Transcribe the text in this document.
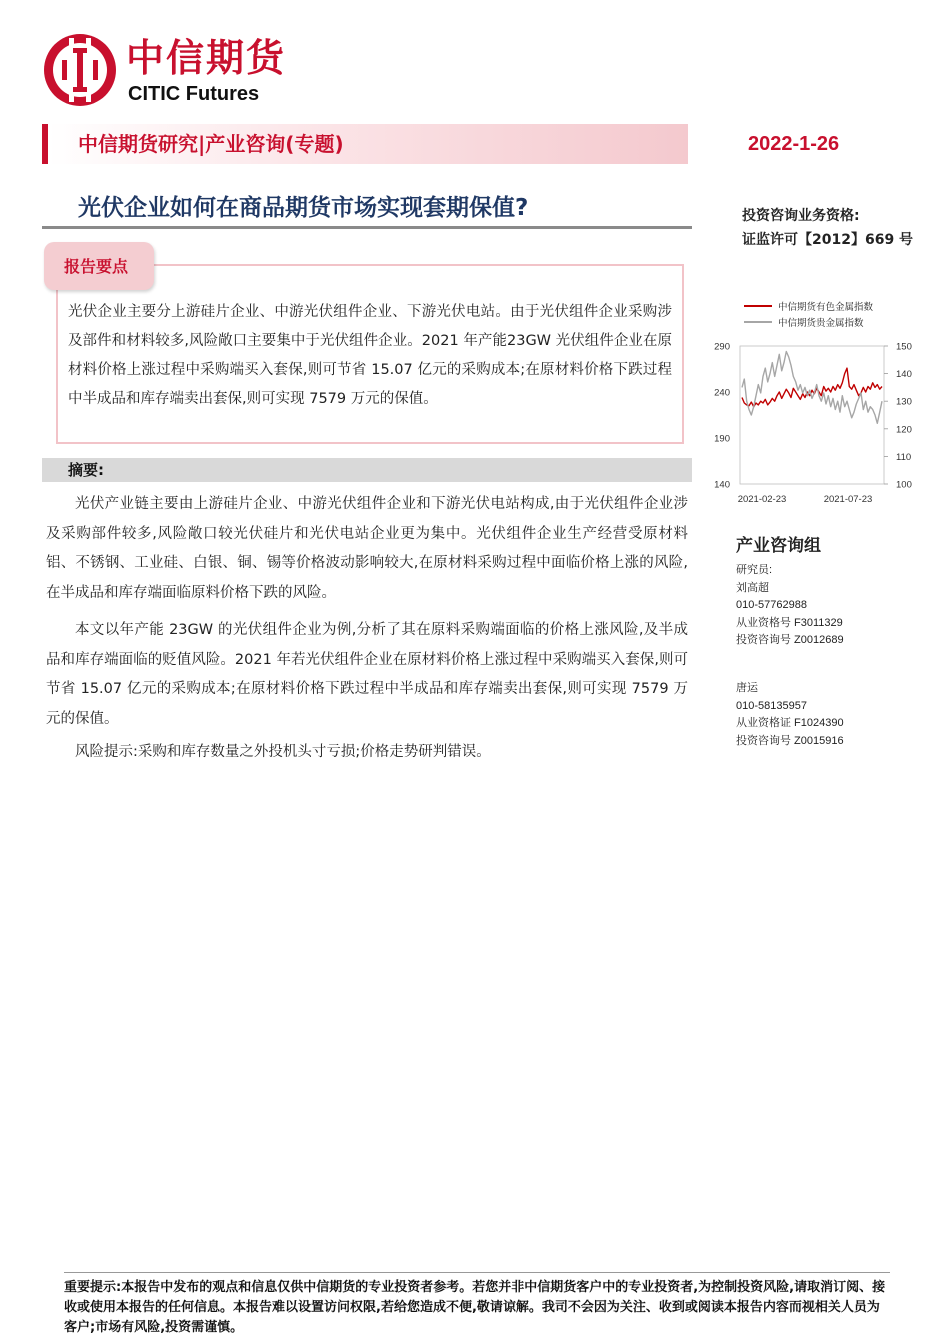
中信期货
CITIC Futures
中信期货研究|产业咨询(专题)	2022-1-26
光伏企业如何在商品期货市场实现套期保值?	投资咨询业务资格:
证监许可【2012】669 号
报告要点
光伏企业主要分上游硅片企业、中游光伏组件企业、下游光伏电站。由于光伏组件企业采购涉及部件和材料较多,风险敞口主要集中于光伏组件企业。2021 年产能23GW 光伏组件企业在原材料价格上涨过程中采购端买入套保,则可节省 15.07 亿元的采购成本;在原材料价格下跌过程中半成品和库存端卖出套保,则可实现 7579 万元的保值。
摘要:
光伏产业链主要由上游硅片企业、中游光伏组件企业和下游光伏电站构成,由于光伏组件企业涉及采购部件较多,风险敞口较光伏硅片和光伏电站企业更为集中。光伏组件企业生产经营受原材料铝、不锈钢、工业硅、白银、铜、锡等价格波动影响较大,在原材料采购过程中面临价格上涨的风险,在半成品和库存端面临原料价格下跌的风险。
本文以年产能 23GW 的光伏组件企业为例,分析了其在原料采购端面临的价格上涨风险,及半成品和库存端面临的贬值风险。2021 年若光伏组件企业在原材料价格上涨过程中采购端买入套保,则可节省 15.07 亿元的采购成本;在原材料价格下跌过程中半成品和库存端卖出套保,则可实现 7579 万元的保值。
风险提示:采购和库存数量之外投机头寸亏损;价格走势研判错误。
中信期货有色金属指数
中信期货贵金属指数
290
240
190
140
150
140
130
120
110
100
2021-02-23	2021-07-23
产业咨询组
研究员:
刘高超
010-57762988
从业资格号 F3011329
投资咨询号 Z0012689
唐运
010-58135957
从业资格证 F1024390
投资咨询号 Z0015916
重要提示:本报告中发布的观点和信息仅供中信期货的专业投资者参考。若您并非中信期货客户中的专业投资者,为控制投资风险,请取消订阅、接收或使用本报告的任何信息。本报告难以设置访问权限,若给您造成不便,敬请谅解。我司不会因为关注、收到或阅读本报告内容而视相关人员为客户;市场有风险,投资需谨慎。
